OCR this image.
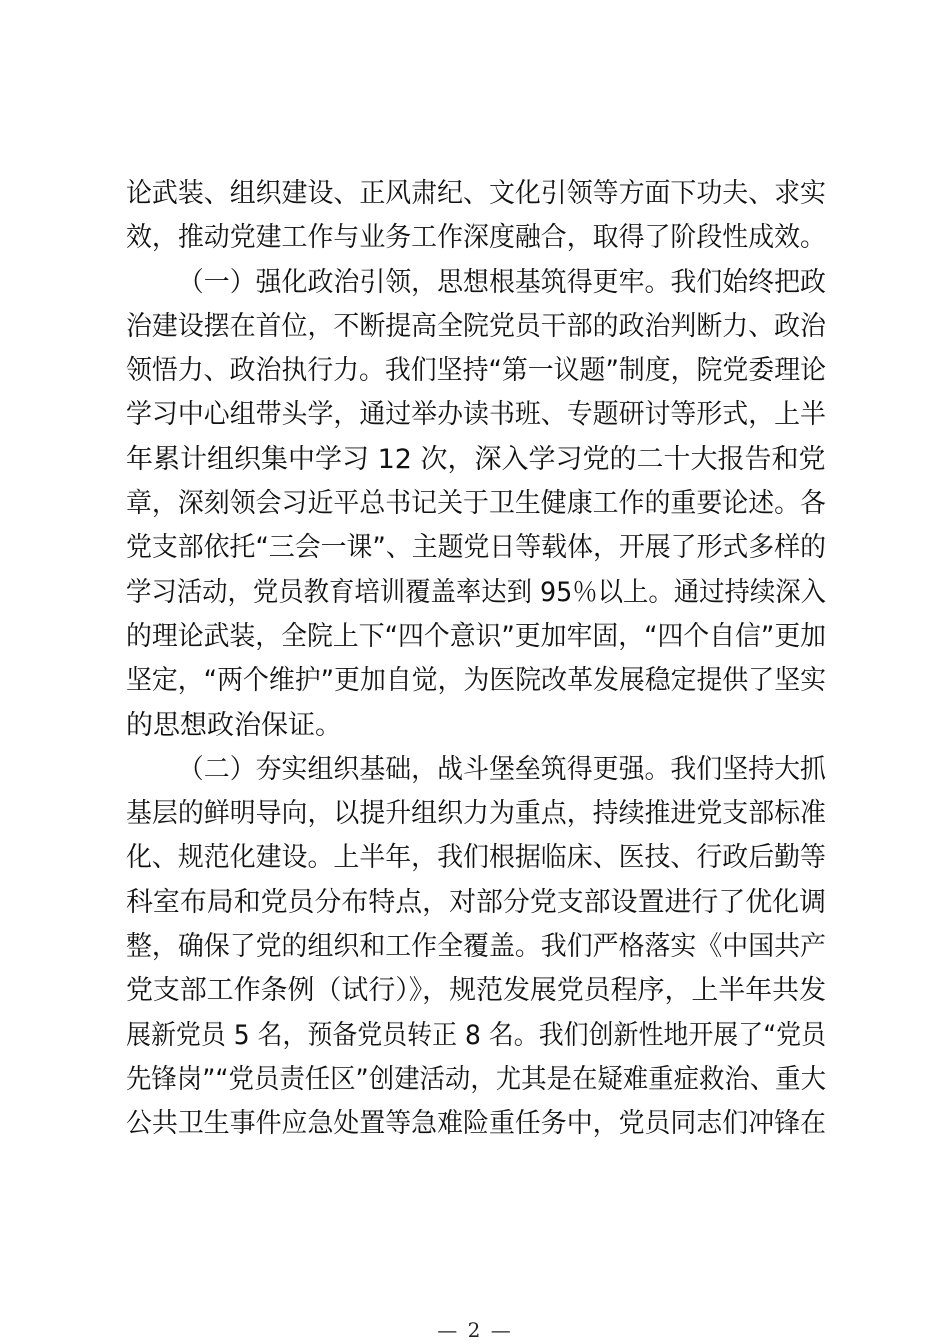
论武装、组织建设、正风肃纪、文化引领等方面下功夫、求实
效，推动党建工作与业务工作深度融合，取得了阶段性成效。
（一）强化政治引领，思想根基筑得更牢。我们始终把政
治建设摆在首位，不断提高全院党员干部的政治判断力、政治
领悟力、政治执行力。我们坚持“第一议题”制度，院党委理论
学习中心组带头学，通过举办读书班、专题研讨等形式，上半
年累计组织集中学习 12 次，深入学习党的二十大报告和党
章，深刻领会习近平总书记关于卫生健康工作的重要论述。各
党支部依托“三会一课”、主题党日等载体，开展了形式多样的
学习活动，党员教育培训覆盖率达到 95％以上。通过持续深入
的理论武装，全院上下“四个意识”更加牢固，“四个自信”更加
坚定，“两个维护”更加自觉，为医院改革发展稳定提供了坚实
的思想政治保证。
（二）夯实组织基础，战斗堡垒筑得更强。我们坚持大抓
基层的鲜明导向，以提升组织力为重点，持续推进党支部标准
化、规范化建设。上半年，我们根据临床、医技、行政后勤等
科室布局和党员分布特点，对部分党支部设置进行了优化调
整，确保了党的组织和工作全覆盖。我们严格落实《中国共产
党支部工作条例（试行）》，规范发展党员程序，上半年共发
展新党员 5 名，预备党员转正 8 名。我们创新性地开展了“党员
先锋岗”“党员责任区”创建活动，尤其是在疑难重症救治、重大
公共卫生事件应急处置等急难险重任务中，党员同志们冲锋在
— 2 —
